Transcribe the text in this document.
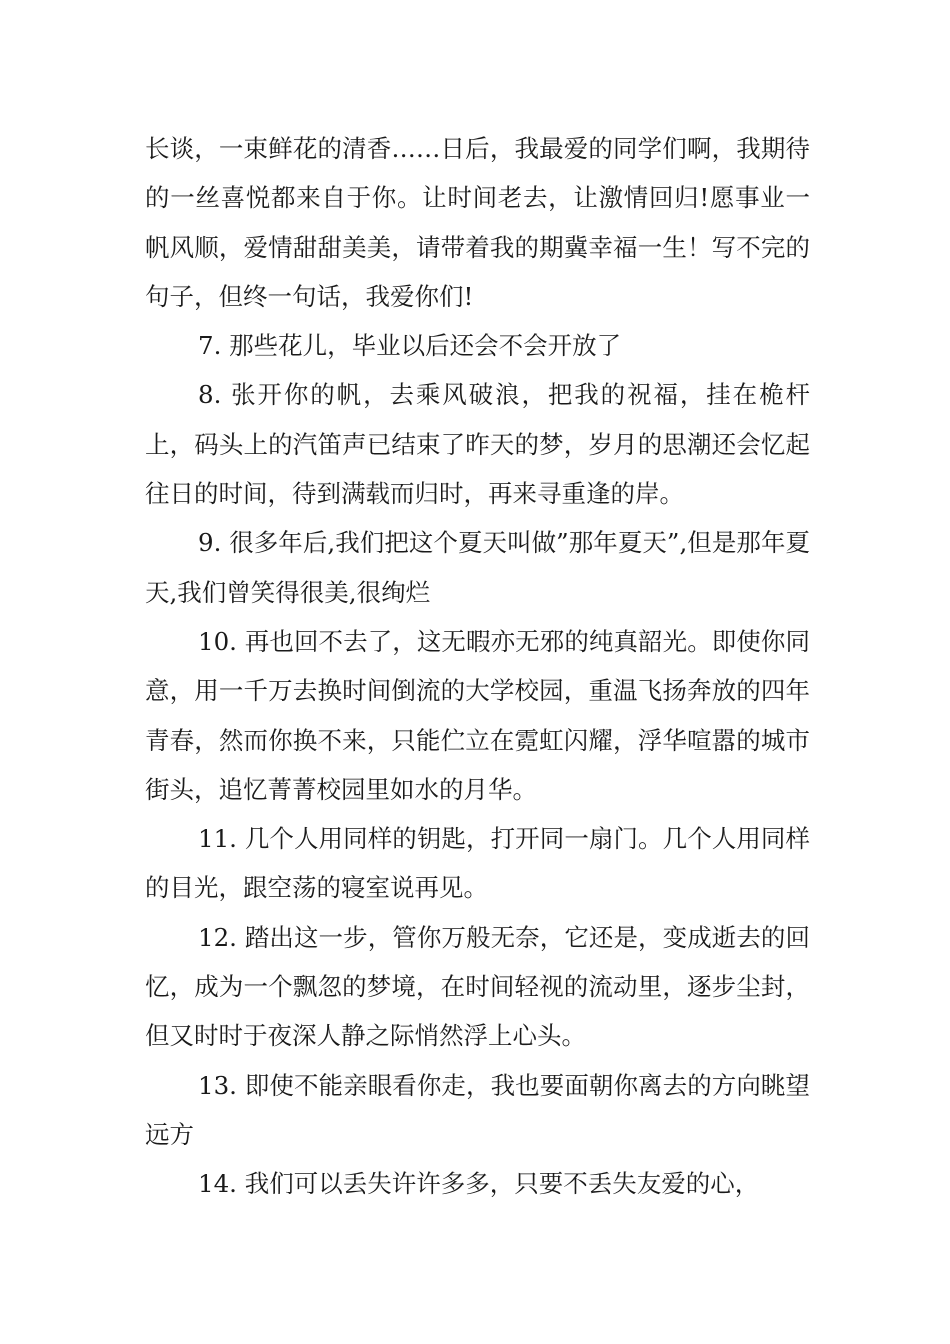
长谈，一束鲜花的清香……日后，我最爱的同学们啊，我期待的一丝喜悦都来自于你。让时间老去，让激情回归!愿事业一帆风顺，爱情甜甜美美，请带着我的期冀幸福一生！写不完的句子，但终一句话，我爱你们!

7. 那些花儿，毕业以后还会不会开放了

8. 张开你的帆，去乘风破浪，把我的祝福，挂在桅杆上，码头上的汽笛声已结束了昨天的梦，岁月的思潮还会忆起往日的时间，待到满载而归时，再来寻重逢的岸。

9. 很多年后,我们把这个夏天叫做”那年夏天”,但是那年夏天,我们曾笑得很美,很绚烂

10. 再也回不去了，这无暇亦无邪的纯真韶光。即使你同意，用一千万去换时间倒流的大学校园，重温飞扬奔放的四年青春，然而你换不来，只能伫立在霓虹闪耀，浮华喧嚣的城市街头，追忆菁菁校园里如水的月华。

11. 几个人用同样的钥匙，打开同一扇门。几个人用同样的目光，跟空荡的寝室说再见。

12. 踏出这一步，管你万般无奈，它还是，变成逝去的回忆，成为一个飘忽的梦境，在时间轻视的流动里，逐步尘封，但又时时于夜深人静之际悄然浮上心头。

13. 即使不能亲眼看你走，我也要面朝你离去的方向眺望远方

14. 我们可以丢失许许多多，只要不丢失友爱的心，
